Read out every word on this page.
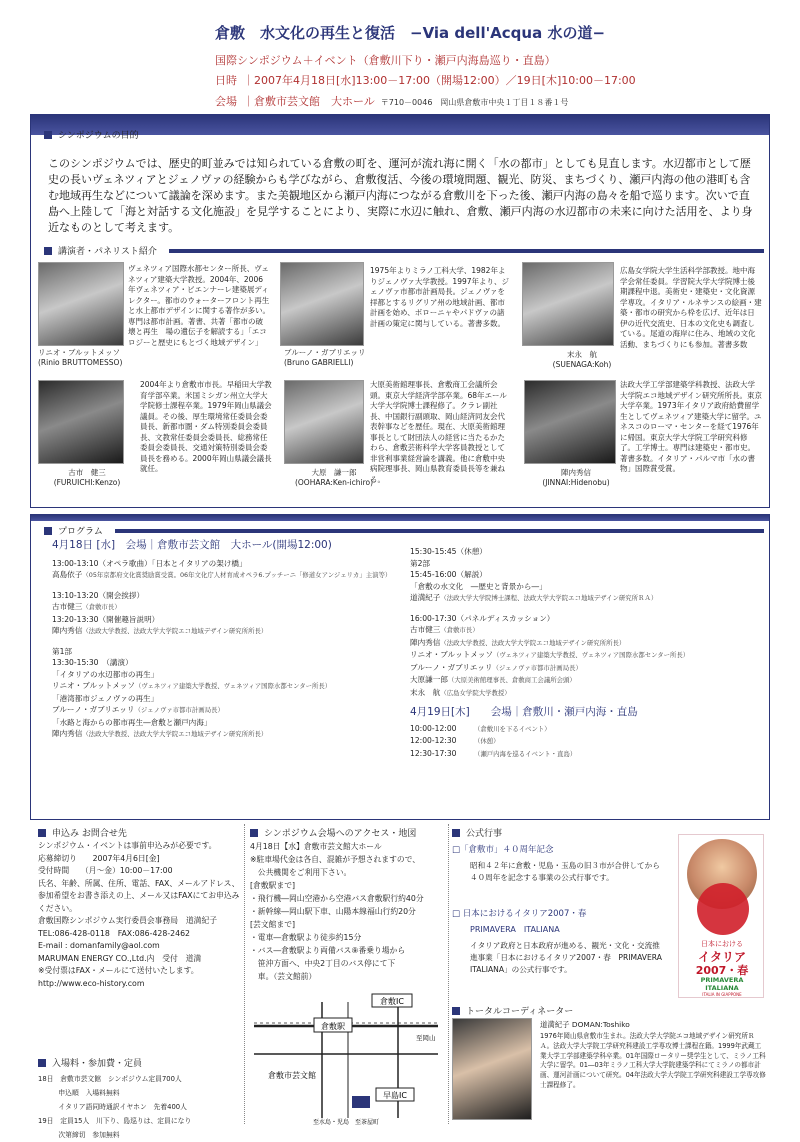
倉敷　水文化の再生と復活　−Via dell'Acqua 水の道−
国際シンポジウム＋イベント（倉敷川下り・瀬戸内海島巡り・直島）
日時 ｜2007年4月18日[水]13:00－17:00（開場12:00）／19日[木]10:00－17:00
会場 ｜倉敷市芸文館　大ホール 〒710－0046　岡山県倉敷市中央１丁目１８番１号
シンポジウムの目的
このシンポジウムでは、歴史的町並みでは知られている倉敷の町を、運河が流れ海に開く「水の都市」としても見直します。水辺都市として歴史の長いヴェネツィアとジェノヴァの経験からも学びながら、倉敷復活、今後の環境問題、観光、防災、まちづくり、瀬戸内海の他の港町も含む地域再生などについて議論を深めます。また美観地区から瀬戸内海につながる倉敷川を下った後、瀬戸内海の島々を船で巡ります。次いで直島へ上陸して「海と対話する文化施設」を見学することにより、実際に水辺に触れ、倉敷、瀬戸内海の水辺都市の未来に向けた活用を、より身近なものとして考えます。
講演者・パネリスト紹介
リニオ・ブルットメッソ
(Rinio BRUTTOMESSO)
ヴェネツィア国際水都センター所長、ヴェネツィア建築大学教授。2004年、2006年ヴェネツィア・ビエンナーレ建築展ディレクター。都市のウォーターフロント再生と水上都市デザインに関する著作が多い。専門は都市計画。著書、共著「都市の破壊と再生　場の遺伝子を解読する」「エコロジーと歴史にもとづく地域デザイン」
ブルーノ・ガブリエッリ
(Bruno GABRIELLI)
1975年よりミラノ工科大学、1982年よりジェノヴァ大学教授。1997年より、ジェノヴァ市都市計画局長。ジェノヴァを拝都とするリグリア州の地域計画、都市計画を始め、ボローニャやパドヴァの諸計画の策定に関与している。著書多数。
末永　航
(SUENAGA:Koh)
広島女学院大学生活科学部教授。地中海学会常任委員。学習院大学大学院博士後期課程中退。美術史・建築史・文化資源学専攻。イタリア・ルネサンスの絵画・建築・都市の研究から枠を広げ、近年は日伊の近代交流史、日本の文化史も調査している。尾道の海岸に住み、地域の文化活動、まちづくりにも参加。著書多数
古市　健三
(FURUICHI:Kenzo)
2004年より倉敷市市長。早稲田大学教育学部卒業。米国ミシガン州立大学大学院修士課程卒業。1979年岡山県議会議員。その後、厚生環境常任委員会委員長、新都市圏・ダム特別委員会委員長、文教常任委員会委員長、総務常任委員会委員長、交通対策特別委員会委員長を務める。2000年岡山県議会議長就任。	大原　謙一郎
(OOHARA:Ken-ichiro)
大原美術館理事長、倉敷商工会議所会頭。東京大学経済学部卒業。68年エール大学大学院博士課程修了。クラレ副社長、中国銀行副頭取、岡山経済同友会代表幹事などを歴任。現在、大原美術館理事長として財団法人の経営に当たるかたわら、倉敷芸術科学大学客員教授として非営利事業経営論を講義。他に倉敷中央病院理事長、岡山県教育委員長等を兼ねる。
陣内秀信
(JINNAI:Hidenobu)
法政大学工学部建築学科教授、法政大学大学院エコ地域デザイン研究所所長。東京大学卒業。1973年イタリア政府給費留学生としてヴェネツィア建築大学に留学。ユネスコのローマ・センターを経て1976年に帰国。東京大学大学院工学研究科修了。工学博士。専門は建築史・都市史。著書多数。イタリア・パルマ市「水の書物」国際賞受賞。
プログラム
4月18日 [水]　会場｜倉敷市芸文館　大ホール(開場12:00)
13:00-13:10（オペラ歌曲）「日本とイタリアの架け橋」
高島依子（05年京都府文化賞奨励賞受賞。06年文化庁人材育成オペラ6.プッチーニ「修道女アンジェリカ」主演等）
13:10-13:20（開会挨拶）
古市健三（倉敷市長）
13:20-13:30（開催趣旨説明）
陣内秀信（法政大学教授、法政大学大学院エコ地域デザイン研究所所長）
第1部
13:30-15:30　（講演）
「イタリアの水辺都市の再生」
リニオ・ブルットメッソ（ヴェネツィア建築大学教授、ヴェネツィア国際水都センター所長）
「港湾都市ジェノヴァの再生」
ブルーノ・ガブリエッリ（ジェノヴァ市都市計画局長）
「水路と海からの都市再生―倉敷と瀬戸内海」
陣内秀信（法政大学教授、法政大学大学院エコ地域デザイン研究所所長）
15:30-15:45（休憩）
第2部
15:45-16:00（解説）
「倉敷の水文化　―歴史と背景から―」
道満紀子（法政大学大学院博士課程、法政大学大学院エコ地域デザイン研究所ＲＡ）
16:00-17:30（パネルディスカッション）
古市健三（倉敷市長）
陣内秀信（法政大学教授、法政大学大学院エコ地域デザイン研究所所長）
リニオ・ブルットメッソ（ヴェネツィア建築大学教授、ヴェネツィア国際水都センター所長）
ブルーノ・ガブリエッリ（ジェノヴァ市都市計画局長）
大原謙一郎（大原美術館理事長、倉敷商工会議所会頭）
末永　航（広島女学院大学教授）
4月19日[木]　　会場｜倉敷川・瀬戸内海・直島
10:00-12:00	（倉敷川を下るイベント）
12:00-12:30	（休憩）
12:30-17:30	（瀬戸内海を巡るイベント・直島）
申込み お問合せ先
シンポジウム・イベントは事前申込みが必要です。
応募締切り　　2007年4月6日[金]
受付時間　　（月～金）10:00－17:00
氏名、年齢、所属、住所、電話、FAX、メールアドレス、参加希望をお書き添えの上、メール又はFAXにてお申込みください。
倉敷国際シンポジウム実行委員会事務局　道満紀子
TEL:086-428-0118　FAX:086-428-2462
E-mail : domanfamily@aol.com
MARUMAN ENERGY CO.,Ltd.内　受付　道満
※受付票はFAX・メールにて送付いたします。
http://www.eco-history.com
入場料・参加費・定員
18日　倉敷市芸文館　シンポジウム定員700人
　　　申込順　入場料無料
　　　イタリア語同時通訳イヤホン　先着400人
19日　定員15人　川下り、島巡りは、定員になり
　　　次第締切　参加無料
シンポジウム会場へのアクセス・地図
4月18日【水】倉敷市芸文館大ホール
※駐車場代金は各自、混雑が予想されますので、
　公共機関をご利用下さい。
[倉敷駅まで]
・飛行機―岡山空港から空港バス倉敷駅行約40分
・新幹線―岡山駅下車、山陽本線福山行約20分
[芸文館まで]
・電車―倉敷駅より徒歩約15分
・バス―倉敷駅より両備バス⑨番乗り場から
　笹沖方面へ、中央2丁目のバス停にて下
　車。（芸文館前）
倉敷駅
倉敷IC
早島IC
倉敷市芸文館
至岡山
至水島・児島　至茶屋町
公式行事
□「倉敷市」４０周年記念
昭和４２年に倉敷・児島・玉島の旧３市が合併してから４０周年を記念する事業の公式行事です。
□ 日本におけるイタリア2007・春
PRIMAVERA　ITALIANA
イタリア政府と日本政府が進める、観光・文化・交流推進事業「日本におけるイタリア2007・春　PRIMAVERA　ITALIANA」の公式行事です。
日本における
イタリア
2007・春
PRIMAVERA
ITALIANA
ITALIA IN GIAPPONE
トータルコーディネーター
道満紀子 DOMAN:Toshiko
1976年岡山県倉敷市生まれ。法政大学大学院エコ地域デザイン研究所ＲＡ。法政大学大学院工学研究科建設工学専攻博士課程在籍。1999年武蔵工業大学工学部建築学科卒業。01年国際ロータリー奨学生として、ミラノ工科大学に留学。01―03年ミラノ工科大学大学院建築学科にてミラノの都市計画、運河計画について研究。04年法政大学大学院工学研究科建設工学専攻修士課程修了。
